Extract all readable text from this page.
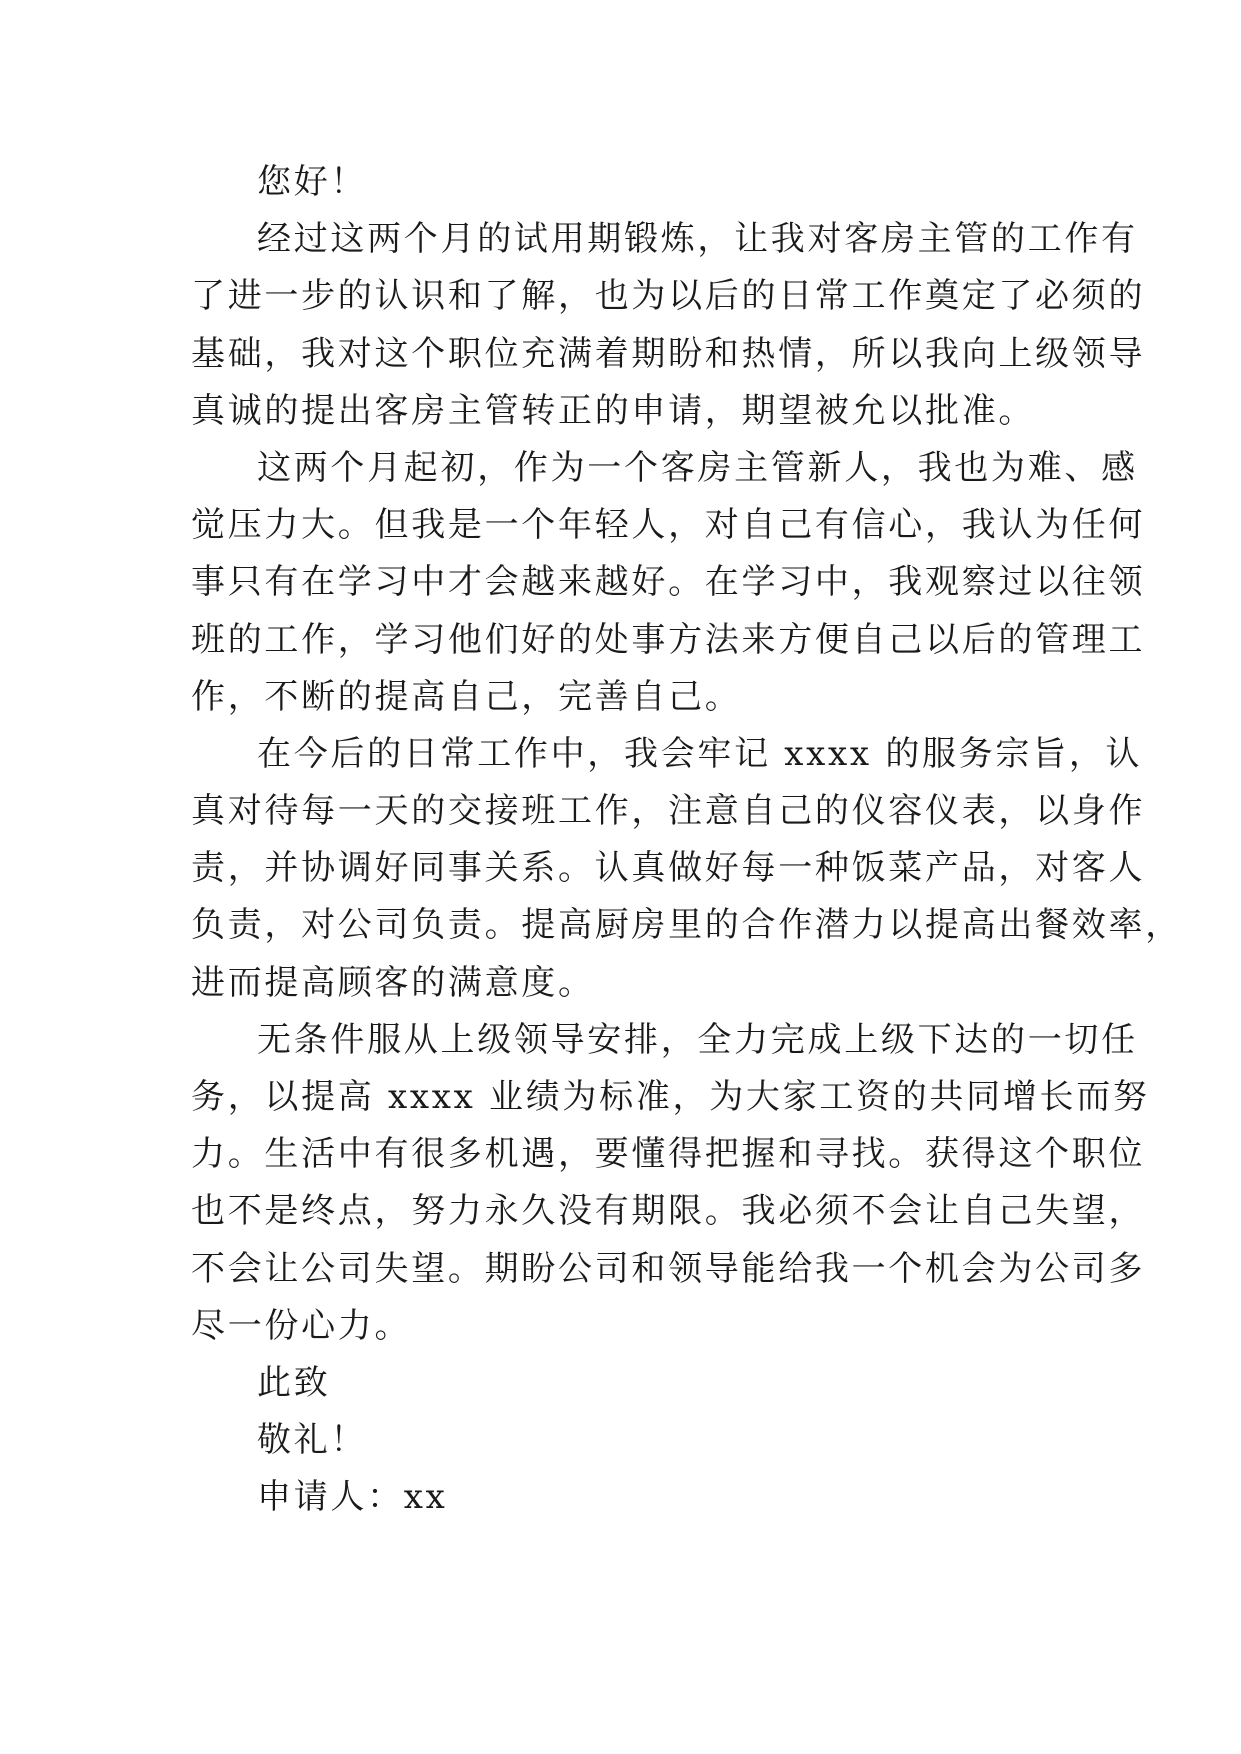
您好！
经过这两个月的试用期锻炼，让我对客房主管的工作有
了进一步的认识和了解，也为以后的日常工作奠定了必须的
基础，我对这个职位充满着期盼和热情，所以我向上级领导
真诚的提出客房主管转正的申请，期望被允以批准。
这两个月起初，作为一个客房主管新人，我也为难、感
觉压力大。但我是一个年轻人，对自己有信心，我认为任何
事只有在学习中才会越来越好。在学习中，我观察过以往领
班的工作，学习他们好的处事方法来方便自己以后的管理工
作，不断的提高自己，完善自己。
在今后的日常工作中，我会牢记 xxxx 的服务宗旨，认
真对待每一天的交接班工作，注意自己的仪容仪表，以身作
责，并协调好同事关系。认真做好每一种饭菜产品，对客人
负责，对公司负责。提高厨房里的合作潜力以提高出餐效率，
进而提高顾客的满意度。
无条件服从上级领导安排，全力完成上级下达的一切任
务，以提高 xxxx 业绩为标准，为大家工资的共同增长而努
力。生活中有很多机遇，要懂得把握和寻找。获得这个职位
也不是终点，努力永久没有期限。我必须不会让自己失望，
不会让公司失望。期盼公司和领导能给我一个机会为公司多
尽一份心力。
此致
敬礼！
申请人：xx
